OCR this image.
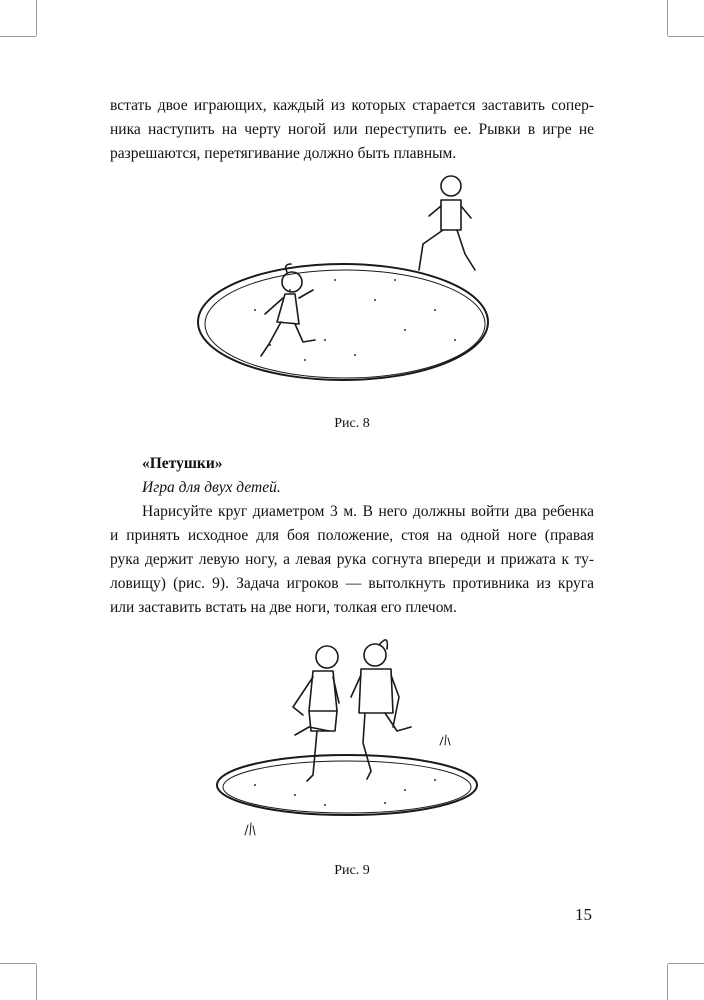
встать двое играющих, каждый из которых старается заставить сопер-
ника наступить на черту ногой или переступить ее. Рывки в игре не
разрешаются, перетягивание должно быть плавным.
Рис. 8
«Петушки»
Игра для двух детей.
Нарисуйте круг диаметром 3 м. В него должны войти два ребенка
и принять исходное для боя положение, стоя на одной ноге (правая
рука держит левую ногу, а левая рука согнута впереди и прижата к ту-
ловищу) (рис. 9). Задача игроков — вытолкнуть противника из круга
или заставить встать на две ноги, толкая его плечом.
Рис. 9
15
